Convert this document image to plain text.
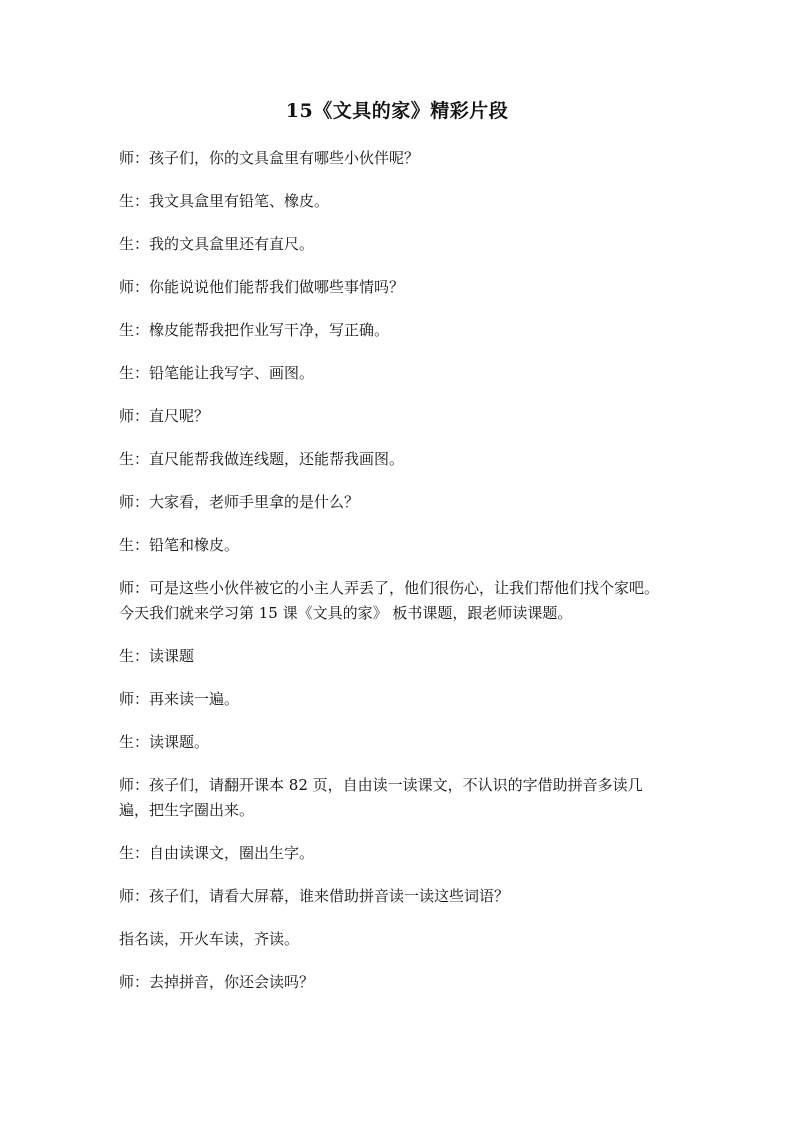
15《文具的家》精彩片段
师：孩子们，你的文具盒里有哪些小伙伴呢？
生：我文具盒里有铅笔、橡皮。
生：我的文具盒里还有直尺。
师：你能说说他们能帮我们做哪些事情吗？
生：橡皮能帮我把作业写干净，写正确。
生：铅笔能让我写字、画图。
师：直尺呢？
生：直尺能帮我做连线题，还能帮我画图。
师：大家看，老师手里拿的是什么？
生：铅笔和橡皮。
师：可是这些小伙伴被它的小主人弄丢了，他们很伤心，让我们帮他们找个家吧。
今天我们就来学习第 15 课《文具的家》 板书课题，跟老师读课题。
生：读课题
师：再来读一遍。
生：读课题。
师：孩子们，请翻开课本 82 页，自由读一读课文，不认识的字借助拼音多读几
遍，把生字圈出来。
生：自由读课文，圈出生字。
师：孩子们，请看大屏幕，谁来借助拼音读一读这些词语？
指名读，开火车读，齐读。
师：去掉拼音，你还会读吗？
